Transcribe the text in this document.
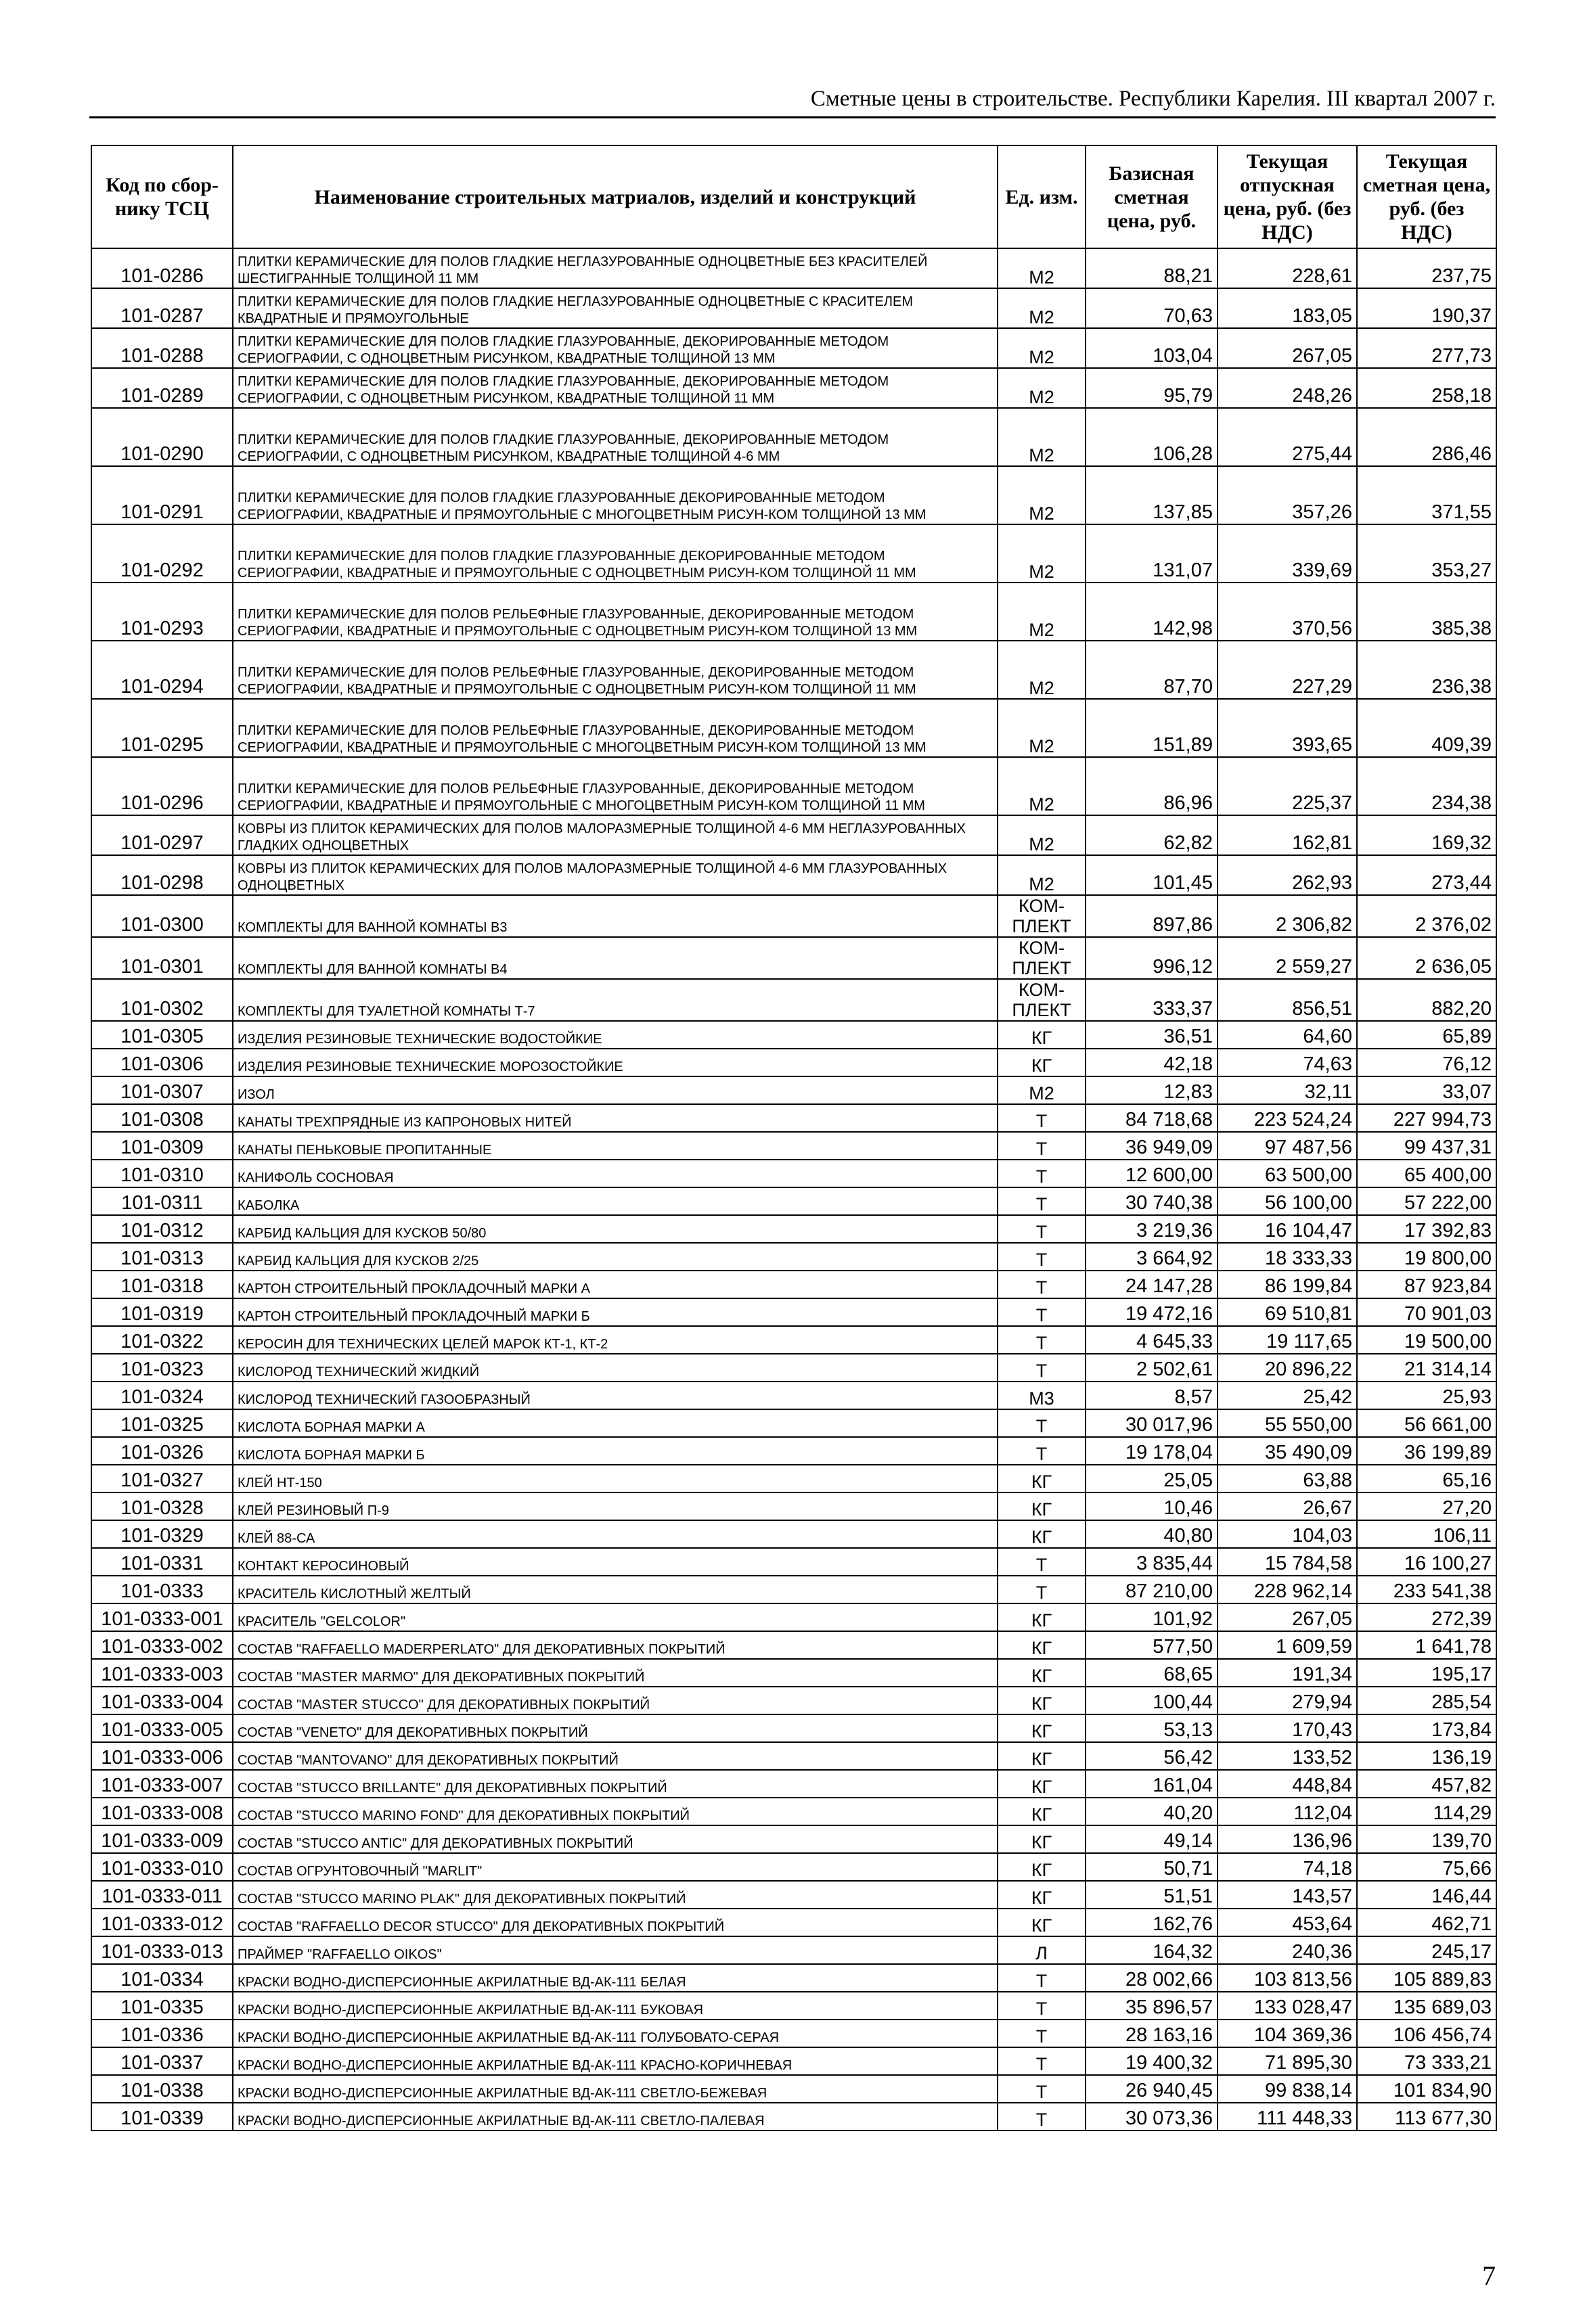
Сметные цены в строительстве. Республики Карелия. III квартал 2007 г.
Код по сбор-нику ТСЦ	Наименование строительных матриалов, изделий и конструкций	Ед. изм.	Базисная сметная цена, руб.	Текущая отпускная цена, руб. (без НДС)	Текущая сметная цена, руб. (без НДС)
101-0286	ПЛИТКИ КЕРАМИЧЕСКИЕ ДЛЯ ПОЛОВ ГЛАДКИЕ НЕГЛАЗУРОВАННЫЕ ОДНОЦВЕТНЫЕ БЕЗ КРАСИТЕЛЕЙ ШЕСТИГРАННЫЕ ТОЛЩИНОЙ 11 ММ	М2	88,21	228,61	237,75
101-0287	ПЛИТКИ КЕРАМИЧЕСКИЕ ДЛЯ ПОЛОВ ГЛАДКИЕ НЕГЛАЗУРОВАННЫЕ ОДНОЦВЕТНЫЕ С КРАСИТЕЛЕМ КВАДРАТНЫЕ И ПРЯМОУГОЛЬНЫЕ	М2	70,63	183,05	190,37
101-0288	ПЛИТКИ КЕРАМИЧЕСКИЕ ДЛЯ ПОЛОВ ГЛАДКИЕ ГЛАЗУРОВАННЫЕ, ДЕКОРИРОВАННЫЕ МЕТОДОМ СЕРИОГРАФИИ, С ОДНОЦВЕТНЫМ РИСУНКОМ, КВАДРАТНЫЕ ТОЛЩИНОЙ 13 ММ	М2	103,04	267,05	277,73
101-0289	ПЛИТКИ КЕРАМИЧЕСКИЕ ДЛЯ ПОЛОВ ГЛАДКИЕ ГЛАЗУРОВАННЫЕ, ДЕКОРИРОВАННЫЕ МЕТОДОМ СЕРИОГРАФИИ, С ОДНОЦВЕТНЫМ РИСУНКОМ, КВАДРАТНЫЕ ТОЛЩИНОЙ 11 ММ	М2	95,79	248,26	258,18
101-0290	ПЛИТКИ КЕРАМИЧЕСКИЕ ДЛЯ ПОЛОВ ГЛАДКИЕ ГЛАЗУРОВАННЫЕ, ДЕКОРИРОВАННЫЕ МЕТОДОМ СЕРИОГРАФИИ, С ОДНОЦВЕТНЫМ РИСУНКОМ, КВАДРАТНЫЕ ТОЛЩИНОЙ 4-6 ММ	М2	106,28	275,44	286,46
101-0291	ПЛИТКИ КЕРАМИЧЕСКИЕ ДЛЯ ПОЛОВ ГЛАДКИЕ ГЛАЗУРОВАННЫЕ ДЕКОРИРОВАННЫЕ МЕТОДОМ СЕРИОГРАФИИ, КВАДРАТНЫЕ И ПРЯМОУГОЛЬНЫЕ С МНОГОЦВЕТНЫМ РИСУН-КОМ ТОЛЩИНОЙ 13 ММ	М2	137,85	357,26	371,55
101-0292	ПЛИТКИ КЕРАМИЧЕСКИЕ ДЛЯ ПОЛОВ ГЛАДКИЕ ГЛАЗУРОВАННЫЕ ДЕКОРИРОВАННЫЕ МЕТОДОМ СЕРИОГРАФИИ, КВАДРАТНЫЕ И ПРЯМОУГОЛЬНЫЕ С ОДНОЦВЕТНЫМ РИСУН-КОМ ТОЛЩИНОЙ 11 ММ	М2	131,07	339,69	353,27
101-0293	ПЛИТКИ КЕРАМИЧЕСКИЕ ДЛЯ ПОЛОВ РЕЛЬЕФНЫЕ ГЛАЗУРОВАННЫЕ, ДЕКОРИРОВАННЫЕ МЕТОДОМ СЕРИОГРАФИИ, КВАДРАТНЫЕ И ПРЯМОУГОЛЬНЫЕ С ОДНОЦВЕТНЫМ РИСУН-КОМ ТОЛЩИНОЙ 13 ММ	М2	142,98	370,56	385,38
101-0294	ПЛИТКИ КЕРАМИЧЕСКИЕ ДЛЯ ПОЛОВ РЕЛЬЕФНЫЕ ГЛАЗУРОВАННЫЕ, ДЕКОРИРОВАННЫЕ МЕТОДОМ СЕРИОГРАФИИ, КВАДРАТНЫЕ И ПРЯМОУГОЛЬНЫЕ С ОДНОЦВЕТНЫМ РИСУН-КОМ ТОЛЩИНОЙ 11 ММ	М2	87,70	227,29	236,38
101-0295	ПЛИТКИ КЕРАМИЧЕСКИЕ ДЛЯ ПОЛОВ РЕЛЬЕФНЫЕ ГЛАЗУРОВАННЫЕ, ДЕКОРИРОВАННЫЕ МЕТОДОМ СЕРИОГРАФИИ, КВАДРАТНЫЕ И ПРЯМОУГОЛЬНЫЕ С МНОГОЦВЕТНЫМ РИСУН-КОМ ТОЛЩИНОЙ 13 ММ	М2	151,89	393,65	409,39
101-0296	ПЛИТКИ КЕРАМИЧЕСКИЕ ДЛЯ ПОЛОВ РЕЛЬЕФНЫЕ ГЛАЗУРОВАННЫЕ, ДЕКОРИРОВАННЫЕ МЕТОДОМ СЕРИОГРАФИИ, КВАДРАТНЫЕ И ПРЯМОУГОЛЬНЫЕ С МНОГОЦВЕТНЫМ РИСУН-КОМ ТОЛЩИНОЙ 11 ММ	М2	86,96	225,37	234,38
101-0297	КОВРЫ ИЗ ПЛИТОК КЕРАМИЧЕСКИХ ДЛЯ ПОЛОВ МАЛОРАЗМЕРНЫЕ ТОЛЩИНОЙ 4-6 ММ НЕГЛАЗУРОВАННЫХ ГЛАДКИХ ОДНОЦВЕТНЫХ	М2	62,82	162,81	169,32
101-0298	КОВРЫ ИЗ ПЛИТОК КЕРАМИЧЕСКИХ ДЛЯ ПОЛОВ МАЛОРАЗМЕРНЫЕ ТОЛЩИНОЙ 4-6 ММ ГЛАЗУРОВАННЫХ ОДНОЦВЕТНЫХ	М2	101,45	262,93	273,44
101-0300	КОМПЛЕКТЫ ДЛЯ ВАННОЙ КОМНАТЫ В3	КОМ-ПЛЕКТ	897,86	2 306,82	2 376,02
101-0301	КОМПЛЕКТЫ ДЛЯ ВАННОЙ КОМНАТЫ В4	КОМ-ПЛЕКТ	996,12	2 559,27	2 636,05
101-0302	КОМПЛЕКТЫ ДЛЯ ТУАЛЕТНОЙ КОМНАТЫ Т-7	КОМ-ПЛЕКТ	333,37	856,51	882,20
101-0305	ИЗДЕЛИЯ РЕЗИНОВЫЕ ТЕХНИЧЕСКИЕ ВОДОСТОЙКИЕ	КГ	36,51	64,60	65,89
101-0306	ИЗДЕЛИЯ РЕЗИНОВЫЕ ТЕХНИЧЕСКИЕ МОРОЗОСТОЙКИЕ	КГ	42,18	74,63	76,12
101-0307	ИЗОЛ	М2	12,83	32,11	33,07
101-0308	КАНАТЫ ТРЕХПРЯДНЫЕ ИЗ КАПРОНОВЫХ НИТЕЙ	Т	84 718,68	223 524,24	227 994,73
101-0309	КАНАТЫ ПЕНЬКОВЫЕ ПРОПИТАННЫЕ	Т	36 949,09	97 487,56	99 437,31
101-0310	КАНИФОЛЬ СОСНОВАЯ	Т	12 600,00	63 500,00	65 400,00
101-0311	КАБОЛКА	Т	30 740,38	56 100,00	57 222,00
101-0312	КАРБИД КАЛЬЦИЯ ДЛЯ КУСКОВ 50/80	Т	3 219,36	16 104,47	17 392,83
101-0313	КАРБИД КАЛЬЦИЯ ДЛЯ КУСКОВ 2/25	Т	3 664,92	18 333,33	19 800,00
101-0318	КАРТОН СТРОИТЕЛЬНЫЙ ПРОКЛАДОЧНЫЙ МАРКИ А	Т	24 147,28	86 199,84	87 923,84
101-0319	КАРТОН СТРОИТЕЛЬНЫЙ ПРОКЛАДОЧНЫЙ МАРКИ Б	Т	19 472,16	69 510,81	70 901,03
101-0322	КЕРОСИН ДЛЯ ТЕХНИЧЕСКИХ ЦЕЛЕЙ МАРОК КТ-1, КТ-2	Т	4 645,33	19 117,65	19 500,00
101-0323	КИСЛОРОД ТЕХНИЧЕСКИЙ ЖИДКИЙ	Т	2 502,61	20 896,22	21 314,14
101-0324	КИСЛОРОД ТЕХНИЧЕСКИЙ ГАЗООБРАЗНЫЙ	М3	8,57	25,42	25,93
101-0325	КИСЛОТА БОРНАЯ МАРКИ А	Т	30 017,96	55 550,00	56 661,00
101-0326	КИСЛОТА БОРНАЯ МАРКИ Б	Т	19 178,04	35 490,09	36 199,89
101-0327	КЛЕЙ НТ-150	КГ	25,05	63,88	65,16
101-0328	КЛЕЙ РЕЗИНОВЫЙ П-9	КГ	10,46	26,67	27,20
101-0329	КЛЕЙ 88-СА	КГ	40,80	104,03	106,11
101-0331	КОНТАКТ КЕРОСИНОВЫЙ	Т	3 835,44	15 784,58	16 100,27
101-0333	КРАСИТЕЛЬ КИСЛОТНЫЙ ЖЕЛТЫЙ	Т	87 210,00	228 962,14	233 541,38
101-0333-001	КРАСИТЕЛЬ "GELCOLOR"	КГ	101,92	267,05	272,39
101-0333-002	СОСТАВ "RAFFAELLO MADERPERLATO" ДЛЯ ДЕКОРАТИВНЫХ ПОКРЫТИЙ	КГ	577,50	1 609,59	1 641,78
101-0333-003	СОСТАВ "MASTER MARMO" ДЛЯ ДЕКОРАТИВНЫХ ПОКРЫТИЙ	КГ	68,65	191,34	195,17
101-0333-004	СОСТАВ "MASTER STUCCO" ДЛЯ ДЕКОРАТИВНЫХ ПОКРЫТИЙ	КГ	100,44	279,94	285,54
101-0333-005	СОСТАВ "VENETO" ДЛЯ ДЕКОРАТИВНЫХ ПОКРЫТИЙ	КГ	53,13	170,43	173,84
101-0333-006	СОСТАВ "MANTOVANO" ДЛЯ ДЕКОРАТИВНЫХ ПОКРЫТИЙ	КГ	56,42	133,52	136,19
101-0333-007	СОСТАВ "STUCCO BRILLANTE" ДЛЯ ДЕКОРАТИВНЫХ ПОКРЫТИЙ	КГ	161,04	448,84	457,82
101-0333-008	СОСТАВ "STUCCO MARINO FOND" ДЛЯ ДЕКОРАТИВНЫХ ПОКРЫТИЙ	КГ	40,20	112,04	114,29
101-0333-009	СОСТАВ "STUCCO ANTIC" ДЛЯ ДЕКОРАТИВНЫХ ПОКРЫТИЙ	КГ	49,14	136,96	139,70
101-0333-010	СОСТАВ ОГРУНТОВОЧНЫЙ "MARLIT"	КГ	50,71	74,18	75,66
101-0333-011	СОСТАВ "STUCCO MARINO PLAK" ДЛЯ ДЕКОРАТИВНЫХ ПОКРЫТИЙ	КГ	51,51	143,57	146,44
101-0333-012	СОСТАВ "RAFFAELLO DECOR STUCCO" ДЛЯ ДЕКОРАТИВНЫХ ПОКРЫТИЙ	КГ	162,76	453,64	462,71
101-0333-013	ПРАЙМЕР "RAFFAELLO OIKOS"	Л	164,32	240,36	245,17
101-0334	КРАСКИ ВОДНО-ДИСПЕРСИОННЫЕ АКРИЛАТНЫЕ ВД-АК-111 БЕЛАЯ	Т	28 002,66	103 813,56	105 889,83
101-0335	КРАСКИ ВОДНО-ДИСПЕРСИОННЫЕ АКРИЛАТНЫЕ ВД-АК-111 БУКОВАЯ	Т	35 896,57	133 028,47	135 689,03
101-0336	КРАСКИ ВОДНО-ДИСПЕРСИОННЫЕ АКРИЛАТНЫЕ ВД-АК-111 ГОЛУБОВАТО-СЕРАЯ	Т	28 163,16	104 369,36	106 456,74
101-0337	КРАСКИ ВОДНО-ДИСПЕРСИОННЫЕ АКРИЛАТНЫЕ ВД-АК-111 КРАСНО-КОРИЧНЕВАЯ	Т	19 400,32	71 895,30	73 333,21
101-0338	КРАСКИ ВОДНО-ДИСПЕРСИОННЫЕ АКРИЛАТНЫЕ ВД-АК-111 СВЕТЛО-БЕЖЕВАЯ	Т	26 940,45	99 838,14	101 834,90
101-0339	КРАСКИ ВОДНО-ДИСПЕРСИОННЫЕ АКРИЛАТНЫЕ ВД-АК-111 СВЕТЛО-ПАЛЕВАЯ	Т	30 073,36	111 448,33	113 677,30
7
